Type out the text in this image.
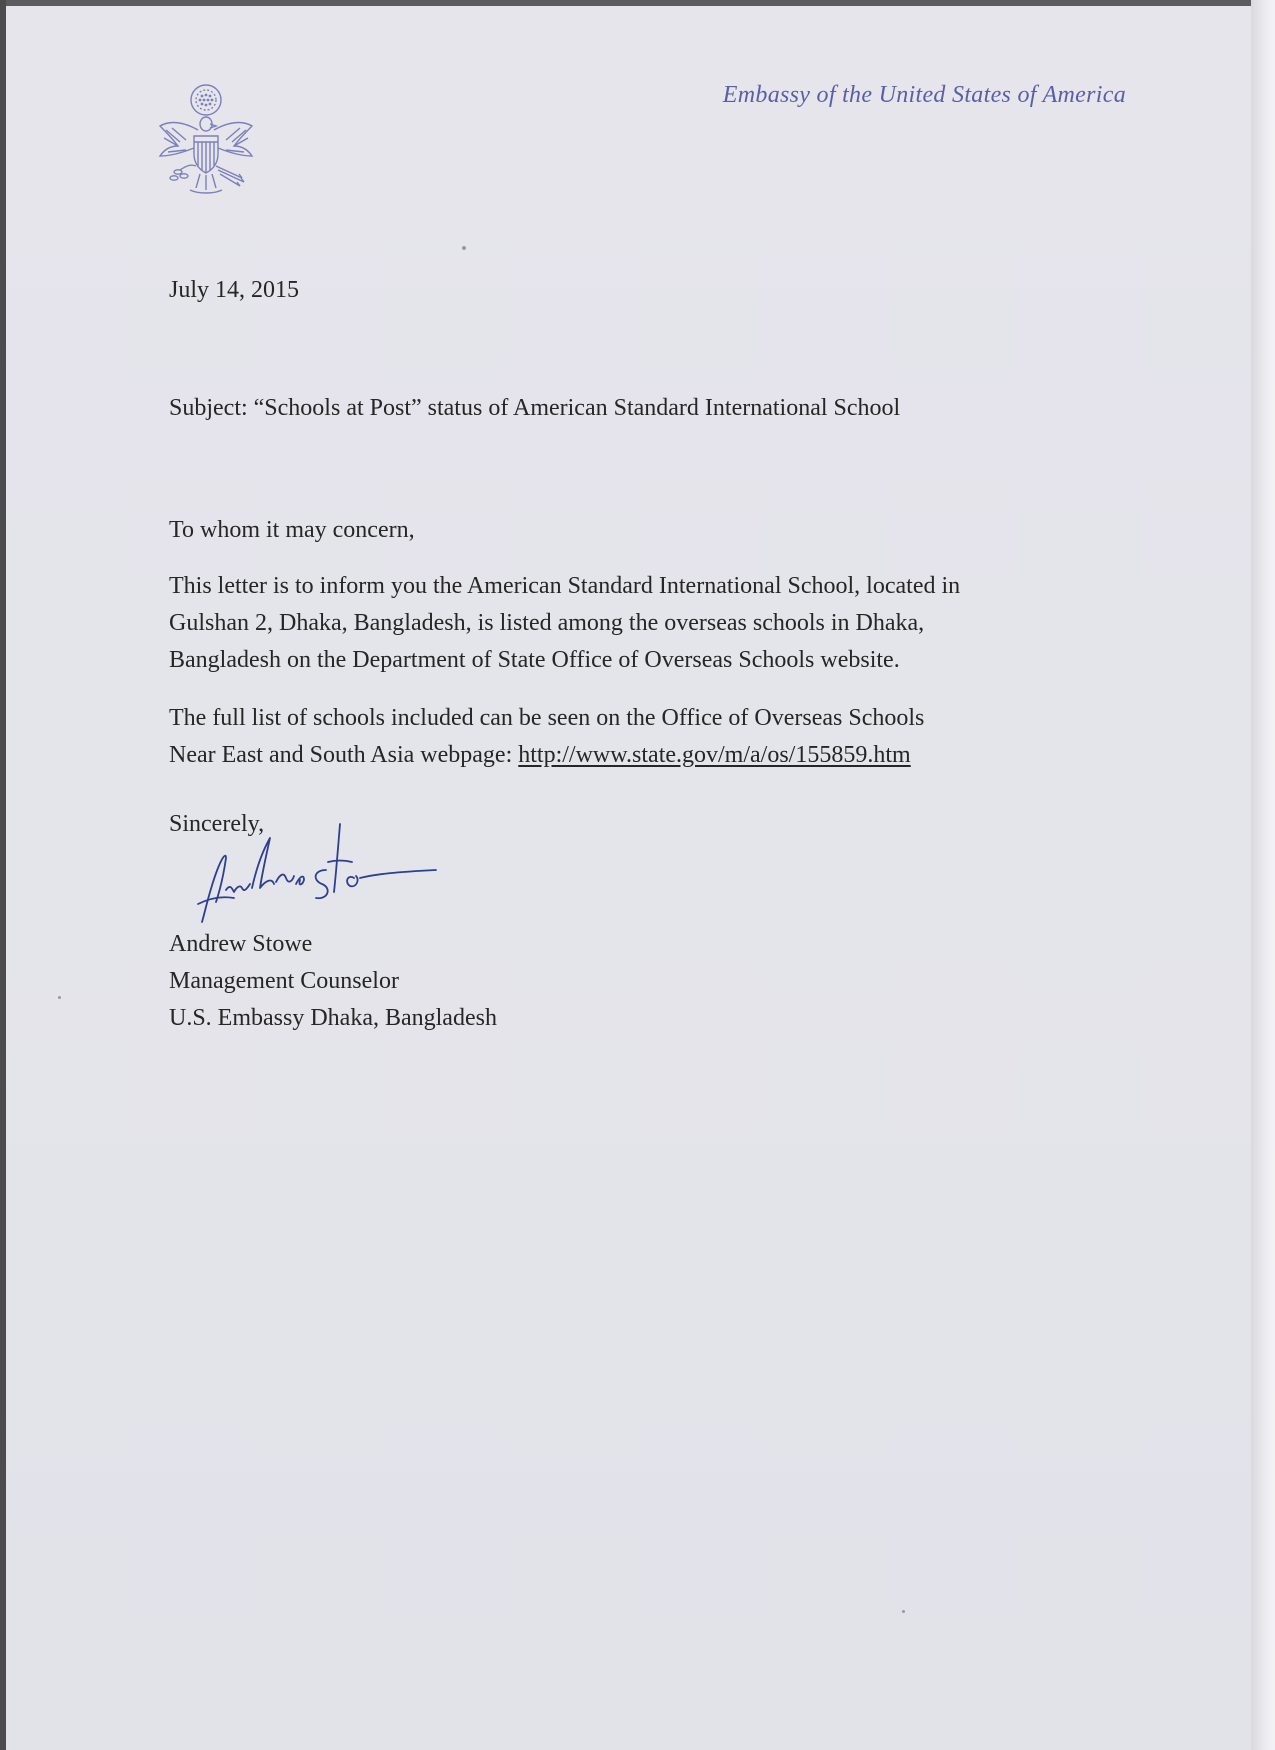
Embassy of the United States of America
July 14, 2015
Subject: “Schools at Post” status of American Standard International School
To whom it may concern,
This letter is to inform you the American Standard International School, located in
Gulshan 2, Dhaka, Bangladesh, is listed among the overseas schools in Dhaka,
Bangladesh on the Department of State Office of Overseas Schools website.
The full list of schools included can be seen on the Office of Overseas Schools
Near East and South Asia webpage: http://www.state.gov/m/a/os/155859.htm
Sincerely,
Andrew Stowe
Management Counselor
U.S. Embassy Dhaka, Bangladesh
